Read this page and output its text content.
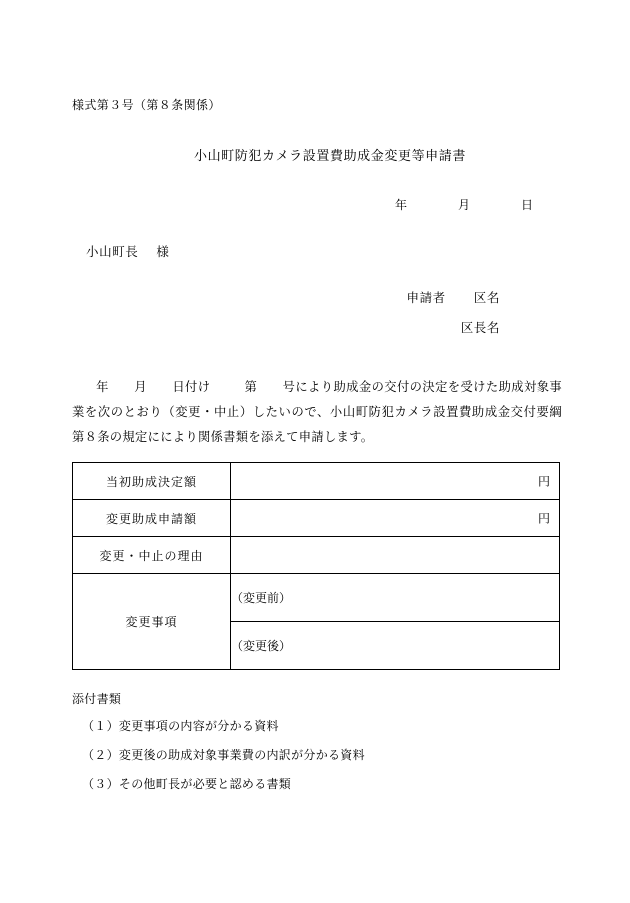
様式第３号（第８条関係）
小山町防犯カメラ設置費助成金変更等申請書
年	月	日
小山町長 様
申請者 区名
区長名
年　　月　　日付け	第　　号により助成金の交付の決定を受けた助成対象事業を次のとおり（変更・中止）したいので、小山町防犯カメラ設置費助成金交付要綱第８条の規定ににより関係書類を添えて申請します。
当初助成決定額	円

変更助成申請額	円

変更・中止の理由	
変更事項	（変更前）
	（変更後）
添付書類
（１）変更事項の内容が分かる資料
（２）変更後の助成対象事業費の内訳が分かる資料
（３）その他町長が必要と認める書類
